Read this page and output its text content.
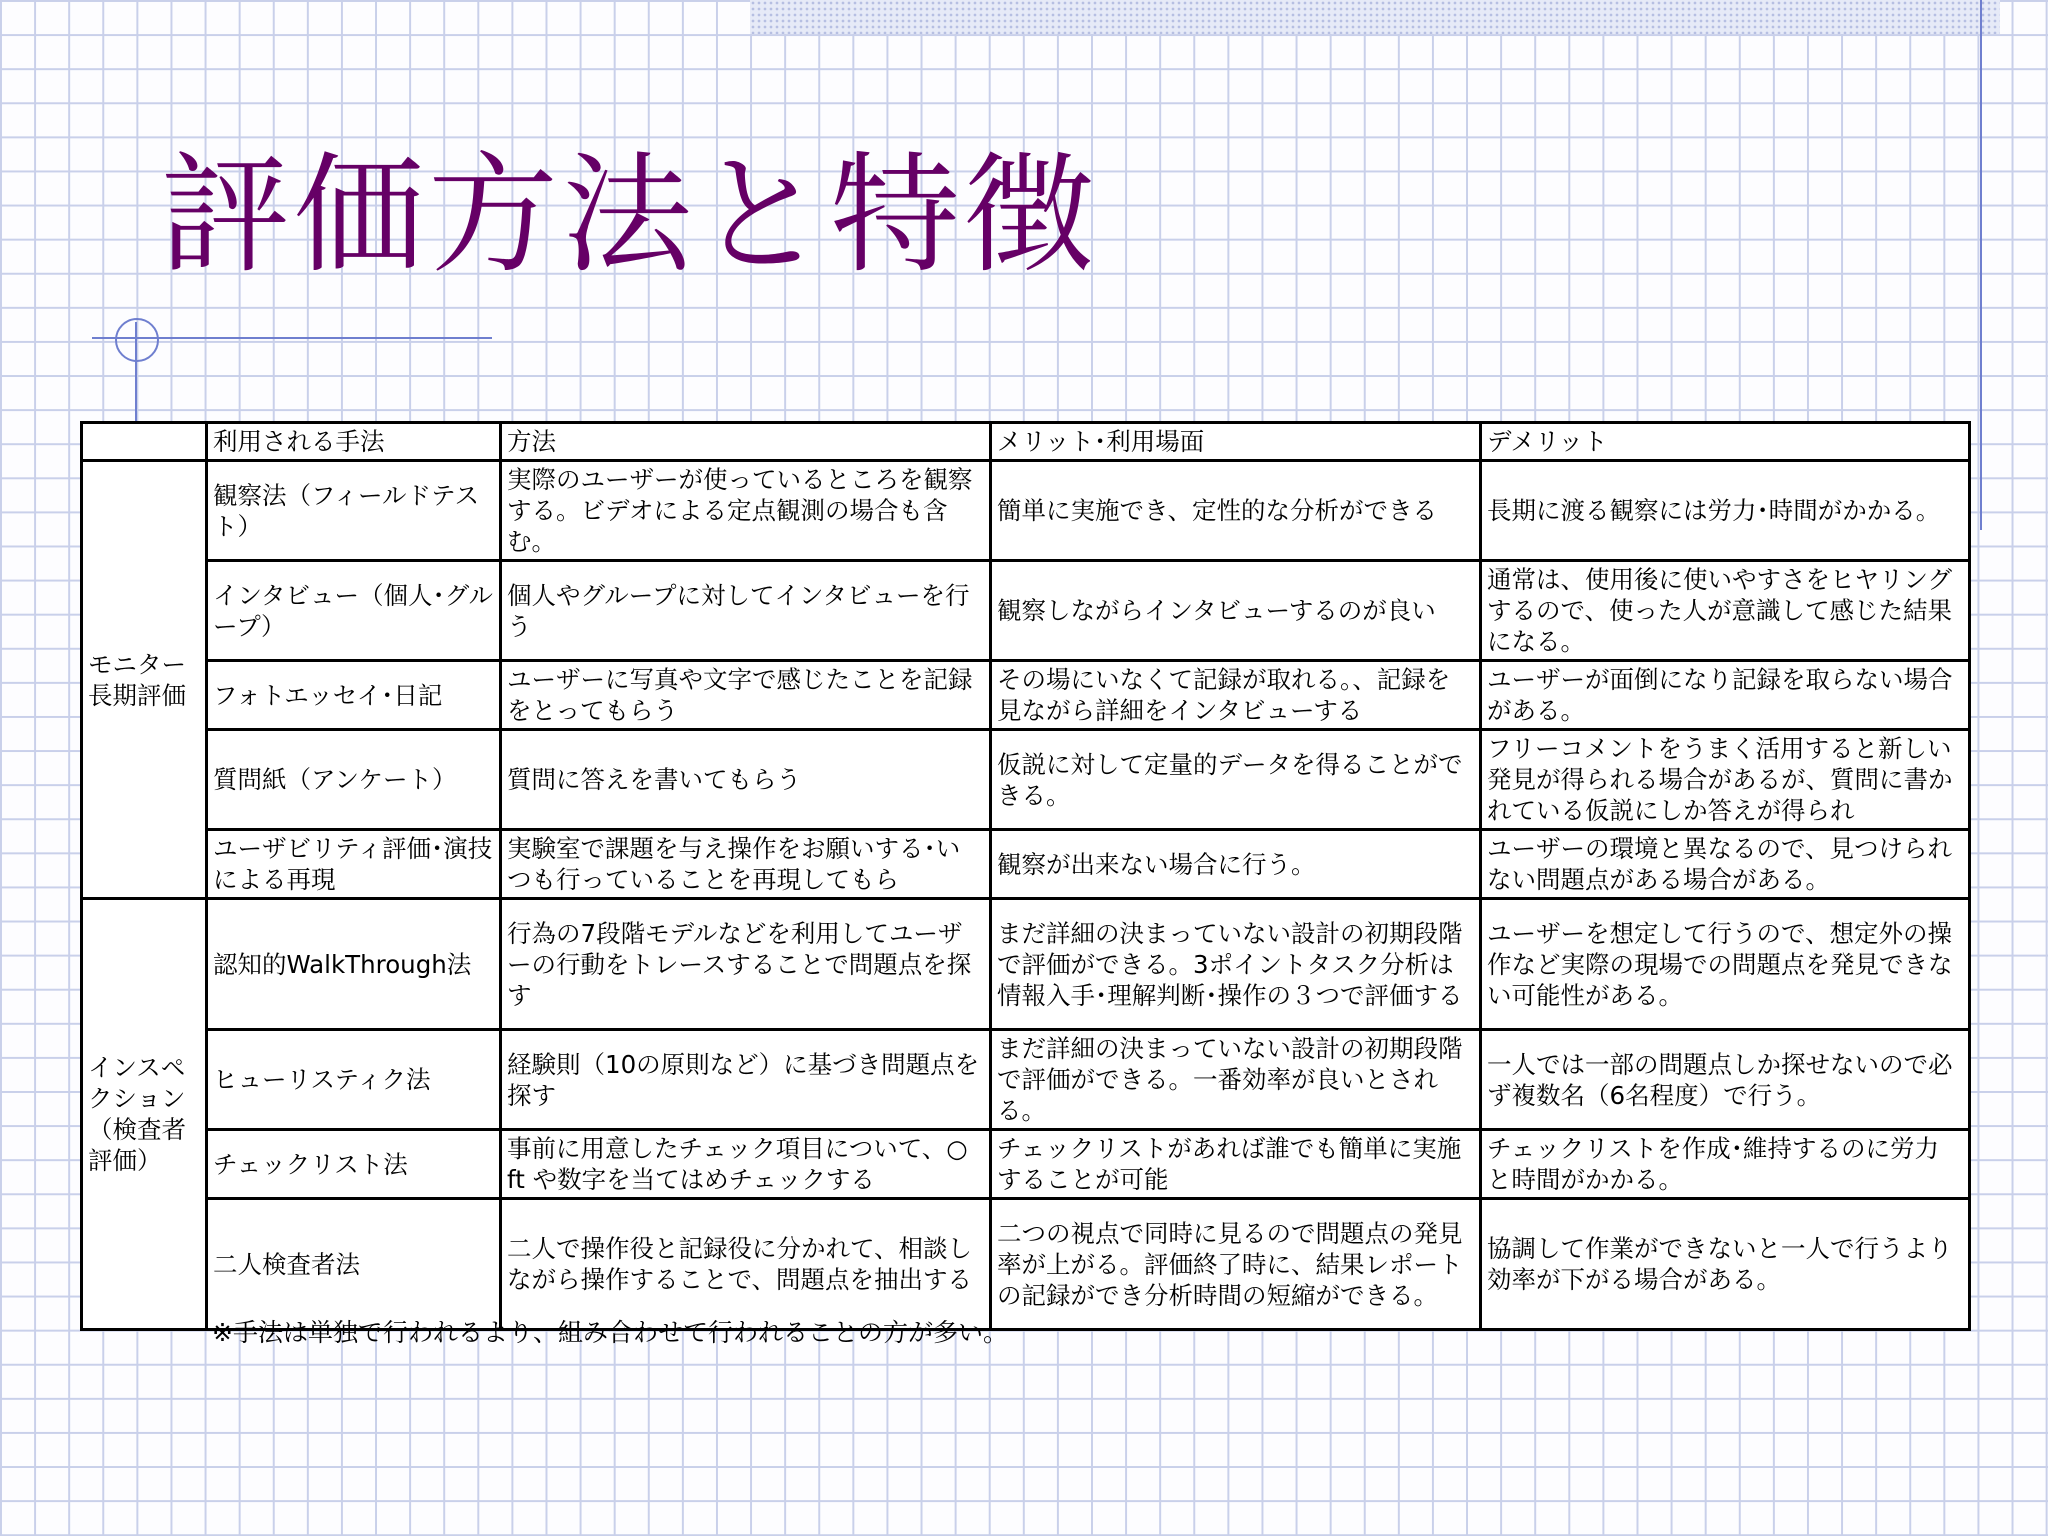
評価方法と特徴
	利用される手法	方法	メリット･利用場面	デメリット
モニター長期評価	観察法（フィールドテスト）	実際のユーザーが使っているところを観察する。ビデオによる定点観測の場合も含む。	簡単に実施でき、定性的な分析ができる	長期に渡る観察には労力･時間がかかる。
	インタビュー（個人･グループ）	個人やグループに対してインタビューを行う	観察しながらインタビューするのが良い	通常は、使用後に使いやすさをヒヤリングするので、使った人が意識して感じた結果になる。
	フォトエッセイ･日記	ユーザーに写真や文字で感じたことを記録をとってもらう	その場にいなくて記録が取れる。、記録を見ながら詳細をインタビューする	ユーザーが面倒になり記録を取らない場合がある。
	質問紙（アンケート）	質問に答えを書いてもらう	仮説に対して定量的データを得ることができる。	フリーコメントをうまく活用すると新しい発見が得られる場合があるが、質問に書かれている仮説にしか答えが得られ
	ユーザビリティ評価･演技による再現	実験室で課題を与え操作をお願いする･いつも行っていることを再現してもら	観察が出来ない場合に行う。	ユーザーの環境と異なるので、見つけられない問題点がある場合がある。
インスペクション（検査者評価）	認知的WalkThrough法	行為の7段階モデルなどを利用してユーザーの行動をトレースすることで問題点を探す	まだ詳細の決まっていない設計の初期段階で評価ができる。3ポイントタスク分析は情報入手･理解判断･操作の３つで評価する	ユーザーを想定して行うので、想定外の操作など実際の現場での問題点を発見できない可能性がある。
	ヒューリスティク法	経験則（10の原則など）に基づき問題点を探す	まだ詳細の決まっていない設計の初期段階で評価ができる。一番効率が良いとされる。	一人では一部の問題点しか探せないので必ず複数名（6名程度）で行う。
	チェックリスト法	事前に用意したチェック項目について、○ ft や数字を当てはめチェックする	チェックリストがあれば誰でも簡単に実施することが可能	チェックリストを作成･維持するのに労力と時間がかかる。
	二人検査者法	二人で操作役と記録役に分かれて、相談しながら操作することで、問題点を抽出する	二つの視点で同時に見るので問題点の発見率が上がる。評価終了時に、結果レポートの記録ができ分析時間の短縮ができる。	協調して作業ができないと一人で行うより効率が下がる場合がある。
※手法は単独で行われるより、組み合わせて行われることの方が多い。
